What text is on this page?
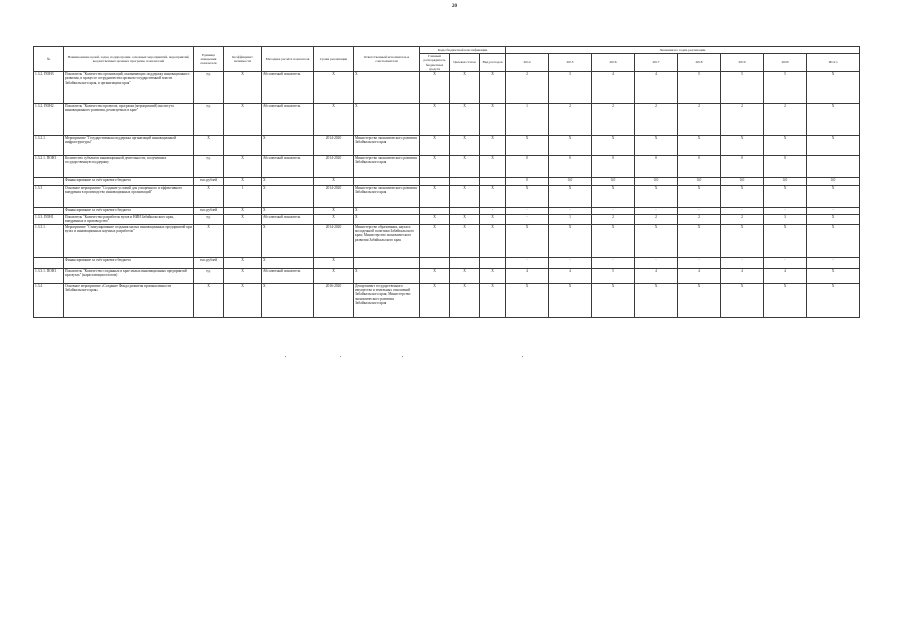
20
№	Наименование целей, задач, подпрограмм, основных мероприятий, мероприятий, ведомственных целевых программ, показателей	Единица измерения показателя	Коэффициент значимости	Методика расчёта показателя	Сроки реализации	Ответственный исполнитель и соисполнители	Коды бюджетной классификации			Значения по годам реализации							
							Главный распорядитель бюджетных средств	Целевая статья	Вид расходов	2014	2015	2016	2017	2018	2019	2020	Итого
1.3.2. ПОН3	Показатель "Количество организаций, оказывающих поддержку инновационного развития, в процессе сотрудничества органов государственной власти Забайкальского края, в организациях края"	ед.	X	Абсолютный показатель	X	X	X	X	X	2	3	4	4	5	5	5	X
1.3.2. ПОН2	Показатель "Количество проектов, программ (мероприятий) института инновационного развития, реализуемых в крае"	ед.	X	Абсолютный показатель	X	X	X	X	X	1	2	2	2	2	2	2	X
1.3.2.1.	Мероприятие "Государственная поддержка организаций инновационной инфраструктуры"	X		X	2014-2020	Министерство экономического развития Забайкальского края	X	X	X	X	X	X	X	X	X	X	X
1.3.2.1. ПОН1	Количество субъектов инновационной деятельности, получивших государственную поддержку	ед.	X	Абсолютный показатель	2014-2020	Министерство экономического развития Забайкальского края	X	X	X	0	0	0	0	0	0	0	
	Финансирование за счёт краевого бюджета	тыс.рублей	X	X	X					0	0,0	0,0	0,0	0,0	0,0	0,0	0,0
1.3.3	Основное мероприятие "Создание условий для ускоренного и эффективного внедрения в производство инновационных организаций"	X	1	X	2014-2020	Министерство экономического развития Забайкальского края	X	X	X	X	X	X	X	X	X	X	X
	Финансирование за счёт краевого бюджета	тыс.рублей	X	X	X	X			-	-	-	-	-	-	-	-	-
1.3.3. ПОН1	Показатель "Количество разработок вузов и НИИ Забайкальского края, внедренных в производство"	ед.	X	Абсолютный показатель	X	X	X	X	X	-	1	2	2	2	2	3	X
1.3.3.1.	Мероприятие "Стимулирование создания малых инновационных предприятий при вузах и инновационных научных разработок"	X		X	2014-2020	Министерство образования, науки и молодежной политики Забайкальского края; Министерство экономического развития Забайкальского края	X	X	X	X	X	X	X	X	X	X	X
	Финансирование за счёт краевого бюджета	тыс.рублей	X	X	X					-	-	-	-	-	-	-	-
1.3.3.1. ПОН1	Показатель "Количество созданных в крае малых инновационных предприятий при вузах" (нарастающим итогом)	ед.	X	Абсолютный показатель	X	X	X	X	X	4	4	5	4	4	4	4	X
1.3.4	Основное мероприятие «Создание Фонда развития промышленности Забайкальского края»	X	X	X	2016-2020	Департамент государственного имущества и земельных отношений Забайкальского края; Министерство экономического развития Забайкальского края	X	X	X	X	X	X	X	X	X	X	X
